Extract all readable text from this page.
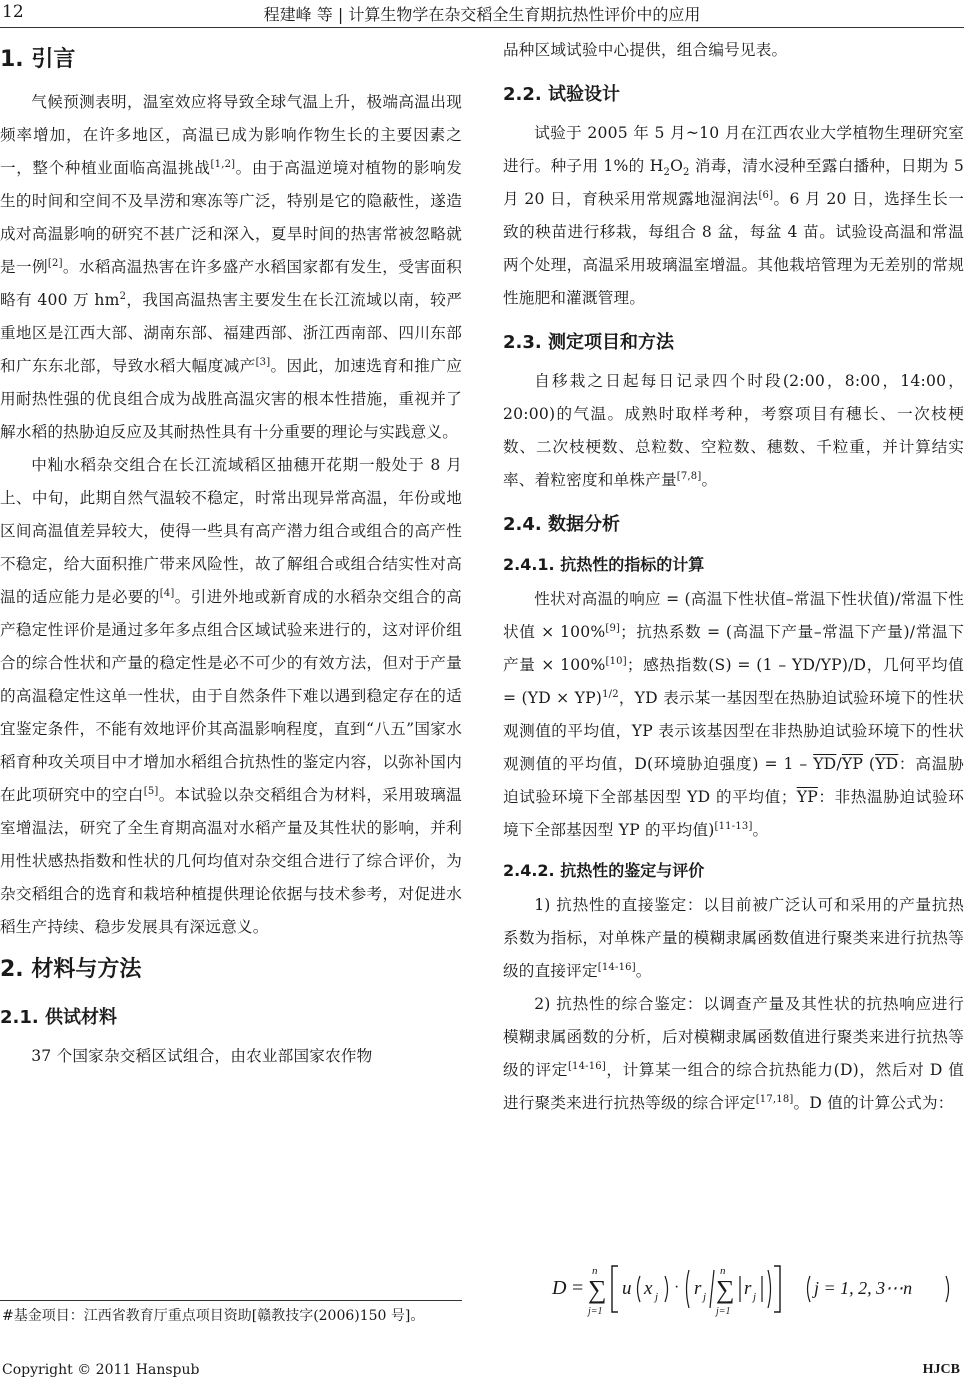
12	程建峰 等 | 计算生物学在杂交稻全生育期抗热性评价中的应用
1. 引言

气候预测表明，温室效应将导致全球气温上升，极端高温出现频率增加，在许多地区，高温已成为影响作物生长的主要因素之一，整个种植业面临高温挑战[1,2]。由于高温逆境对植物的影响发生的时间和空间不及旱涝和寒冻等广泛，特别是它的隐蔽性，遂造成对高温影响的研究不甚广泛和深入，夏旱时间的热害常被忽略就是一例[2]。水稻高温热害在许多盛产水稻国家都有发生，受害面积略有 400 万 $hm^2$，我国高温热害主要发生在长江流域以南，较严重地区是江西大部、湖南东部、福建西部、浙江西南部、四川东部和广东东北部，导致水稻大幅度减产[3]。因此，加速选育和推广应用耐热性强的优良组合成为战胜高温灾害的根本性措施，重视并了解水稻的热胁迫反应及其耐热性具有十分重要的理论与实践意义。

中籼水稻杂交组合在长江流域稻区抽穗开花期一般处于 8 月上、中旬，此期自然气温较不稳定，时常出现异常高温，年份或地区间高温值差异较大，使得一些具有高产潜力组合或组合的高产性不稳定，给大面积推广带来风险性，故了解组合或组合结实性对高温的适应能力是必要的[4]。引进外地或新育成的水稻杂交组合的高产稳定性评价是通过多年多点组合区域试验来进行的，这对评价组合的综合性状和产量的稳定性是必不可少的有效方法，但对于产量的高温稳定性这单一性状，由于自然条件下难以遇到稳定存在的适宜鉴定条件，不能有效地评价其高温影响程度，直到“八五”国家水稻育种攻关项目中才增加水稻组合抗热性的鉴定内容，以弥补国内在此项研究中的空白[5]。本试验以杂交稻组合为材料，采用玻璃温室增温法，研究了全生育期高温对水稻产量及其性状的影响，并利用性状感热指数和性状的几何均值对杂交组合进行了综合评价，为杂交稻组合的选育和栽培种植提供理论依据与技术参考，对促进水稻生产持续、稳步发展具有深远意义。

2. 材料与方法
2.1. 供试材料

37 个国家杂交稻区试组合，由农业部国家农作物

品种区域试验中心提供，组合编号见表。

2.2. 试验设计

试验于 2005 年 5 月~10 月在江西农业大学植物生理研究室进行。种子用 1%的 $H_2O_2$ 消毒，清水浸种至露白播种，日期为 5 月 20 日，育秧采用常规露地湿润法[6]。6 月 20 日，选择生长一致的秧苗进行移栽，每组合 8 盆，每盆 4 苗。试验设高温和常温两个处理，高温采用玻璃温室增温。其他栽培管理为无差别的常规性施肥和灌溉管理。

2.3. 测定项目和方法

自移栽之日起每日记录四个时段(2:00，8:00，14:00，20:00)的气温。成熟时取样考种，考察项目有穗长、一次枝梗数、二次枝梗数、总粒数、空粒数、穗数、千粒重，并计算结实率、着粒密度和单株产量[7,8]。

2.4. 数据分析
2.4.1. 抗热性的指标的计算

性状对高温的响应 = (高温下性状值–常温下性状值)/常温下性状值 × 100%[9]；抗热系数 = (高温下产量–常温下产量)/常温下产量 × 100%[10]；感热指数(S) = (1 – YD/YP)/D，几何平均值 = (YD × YP)$^{1/2}$，YD 表示某一基因型在热胁迫试验环境下的性状观测值的平均值，YP 表示该基因型在非热胁迫试验环境下的性状观测值的平均值，D(环境胁迫强度) = $1 - \overline{YD}/\overline{YP}$ ($\overline{YD}$：高温胁迫试验环境下全部基因型 YD 的平均值；$\overline{YP}$：非热温胁迫试验环境下全部基因型 YP 的平均值)[11-13]。

2.4.2. 抗热性的鉴定与评价

1) 抗热性的直接鉴定：以目前被广泛认可和采用的产量抗热系数为指标，对单株产量的模糊隶属函数值进行聚类来进行抗热等级的直接评定[14-16]。

2) 抗热性的综合鉴定：以调查产量及其性状的抗热响应进行模糊隶属函数的分析，后对模糊隶属函数值进行聚类来进行抗热等级的评定[14-16]，计算某一组合的综合抗热能力(D)，然后对 D 值进行聚类来进行抗热等级的综合评定[17,18]。D 值的计算公式为：

D =
n
∑
j=1
u x j
· r j
n
∑
j=1
r j	j = 1, 2, 3⋯n
#基金项目：江西省教育厅重点项目资助[赣教技字(2006)150 号]。
Copyright © 2011 Hanspub	HJCB
